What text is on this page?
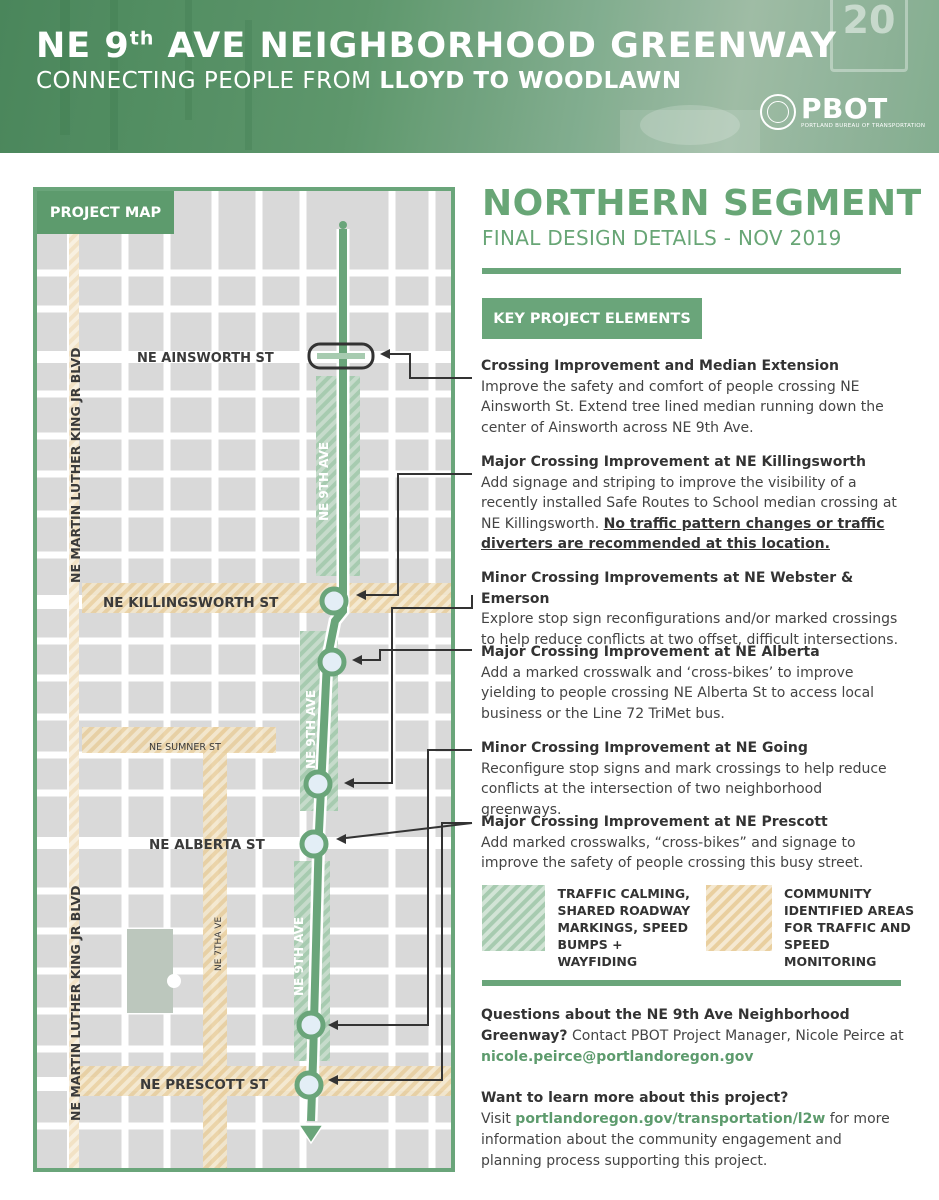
20
NE 9th AVE NEIGHBORHOOD GREENWAY
CONNECTING PEOPLE FROM LLOYD TO WOODLAWN
PBOT
PORTLAND BUREAU OF TRANSPORTATION
NE AINSWORTH ST
NE KILLINGSWORTH ST
NE SUMNER ST
NE ALBERTA ST
NE PRESCOTT ST
NE 7THA VE
NE 9TH AVE
NE 9TH AVE
NE 9TH AVE
NE MARTIN LUTHER KING JR BLVD
NE MARTIN LUTHER KING JR BLVD
PROJECT MAP	NORTHERN SEGMENT
FINAL DESIGN DETAILS - NOV 2019
KEY PROJECT ELEMENTS
Crossing Improvement and Median Extension
Improve the safety and comfort of people crossing NE Ainsworth St. Extend tree lined median running down the center of Ainsworth across NE 9th Ave.
Major Crossing Improvement at NE Killingsworth
Add signage and striping to improve the visibility of a recently installed Safe Routes to School median crossing at NE Killingsworth. No traffic pattern changes or traffic diverters are recommended at this location.
Minor Crossing Improvements at NE Webster & Emerson
Explore stop sign reconfigurations and/or marked crossings to help reduce conflicts at two offset, difficult intersections.
Major Crossing Improvement at NE Alberta
Add a marked crosswalk and ‘cross-bikes’ to improve yielding to people crossing NE Alberta St to access local business or the Line 72 TriMet bus.
Minor Crossing Improvement at NE Going
Reconfigure stop signs and mark crossings to help reduce conflicts at the intersection of two neighborhood greenways.
Major Crossing Improvement at NE Prescott
Add marked crosswalks, “cross-bikes” and signage to improve the safety of people crossing this busy street.
TRAFFIC CALMING, SHARED ROADWAY MARKINGS, SPEED BUMPS + WAYFIDING
COMMUNITY IDENTIFIED AREAS FOR TRAFFIC AND SPEED MONITORING
Questions about the NE 9th Ave Neighborhood Greenway? Contact PBOT Project Manager, Nicole Peirce at nicole.peirce@portlandoregon.gov
Want to learn more about this project?
Visit portlandoregon.gov/transportation/l2w for more information about the community engagement and planning process supporting this project.
